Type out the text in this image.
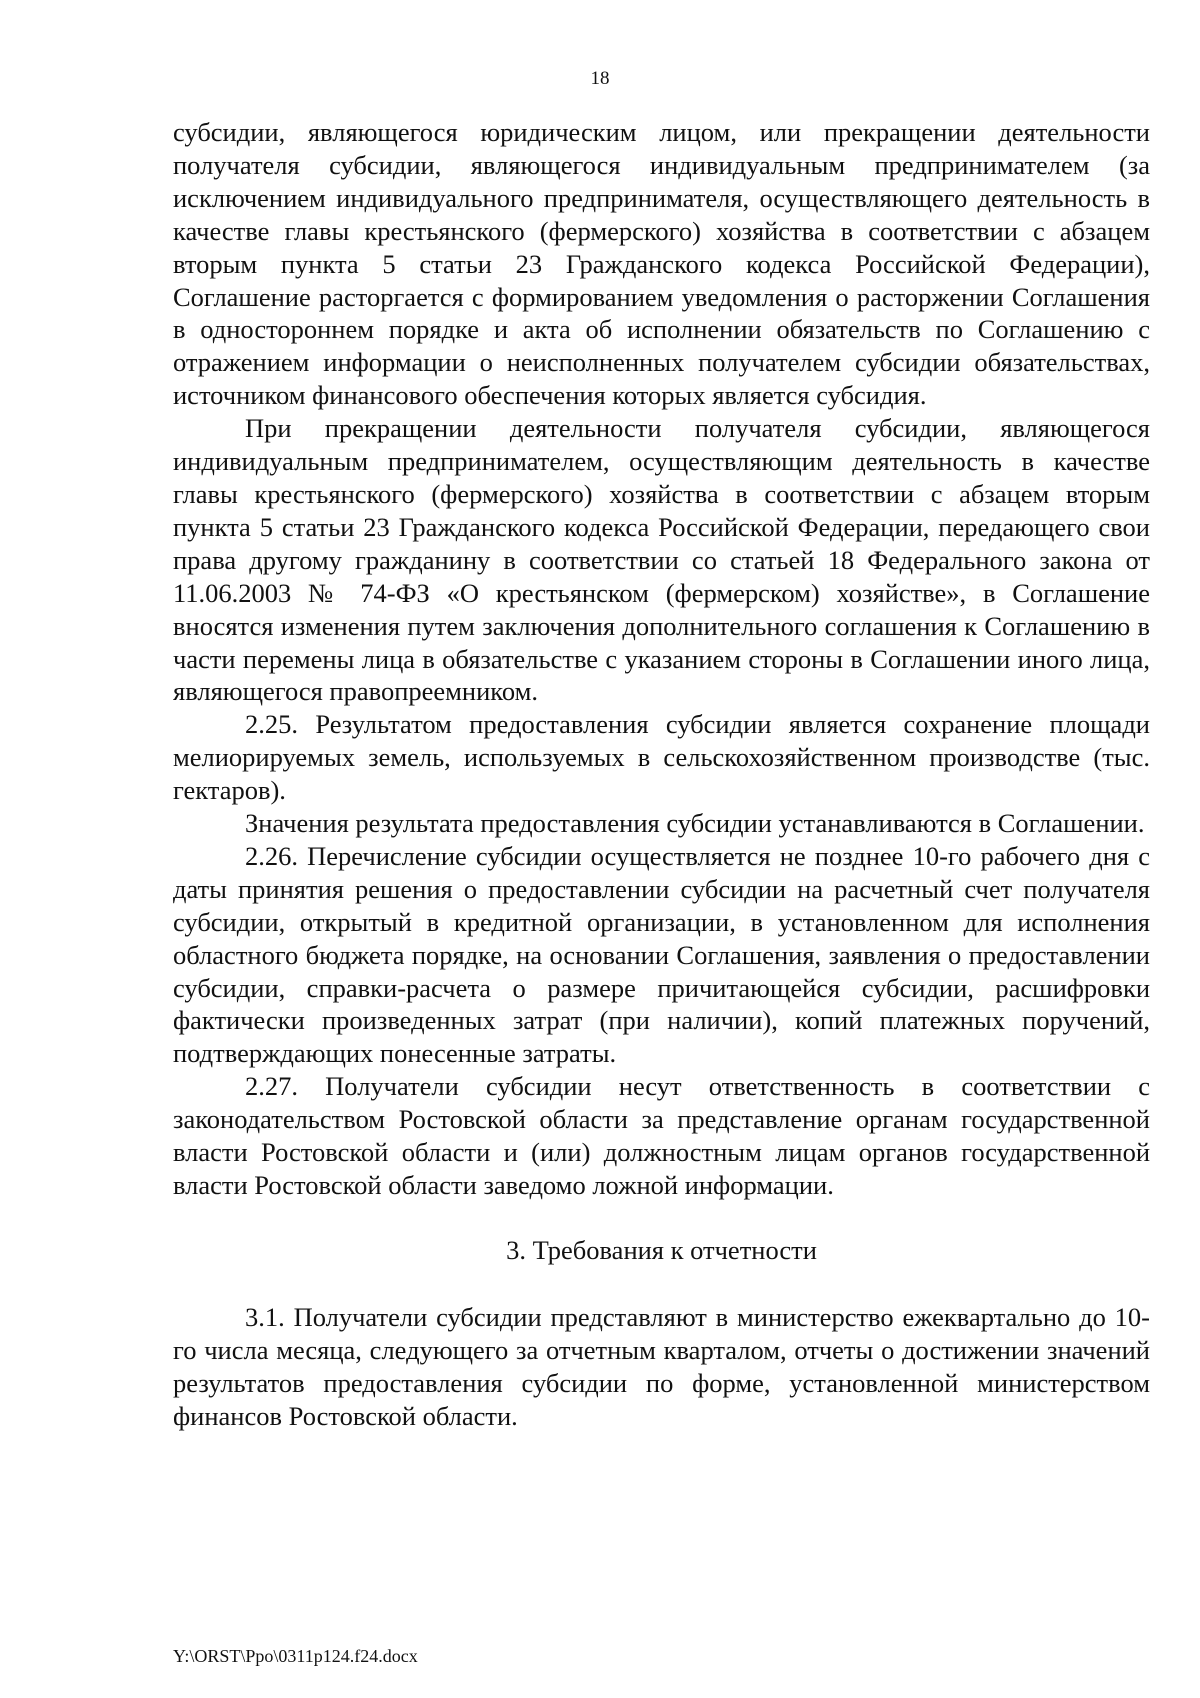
18

субсидии, являющегося юридическим лицом, или прекращении деятельности получателя субсидии, являющегося индивидуальным предпринимателем (за исключением индивидуального предпринимателя, осуществляющего деятельность в качестве главы крестьянского (фермерского) хозяйства в соответствии с абзацем вторым пункта 5 статьи 23 Гражданского кодекса Российской Федерации), Соглашение расторгается с формированием уведомления о расторжении Соглашения в одностороннем порядке и акта об исполнении обязательств по Соглашению с отражением информации о неисполненных получателем субсидии обязательствах, источником финансового обеспечения которых является субсидия.

При прекращении деятельности получателя субсидии, являющегося индивидуальным предпринимателем, осуществляющим деятельность в качестве главы крестьянского (фермерского) хозяйства в соответствии с абзацем вторым пункта 5 статьи 23 Гражданского кодекса Российской Федерации, передающего свои права другому гражданину в соответствии со статьей 18 Федерального закона от 11.06.2003 № 74-ФЗ «О крестьянском (фермерском) хозяйстве», в Соглашение вносятся изменения путем заключения дополнительного соглашения к Соглашению в части перемены лица в обязательстве с указанием стороны в Соглашении иного лица, являющегося правопреемником.

2.25. Результатом предоставления субсидии является сохранение площади мелиорируемых земель, используемых в сельскохозяйственном производстве (тыс. гектаров).

Значения результата предоставления субсидии устанавливаются в Соглашении.

2.26. Перечисление субсидии осуществляется не позднее 10-го рабочего дня с даты принятия решения о предоставлении субсидии на расчетный счет получателя субсидии, открытый в кредитной организации, в установленном для исполнения областного бюджета порядке, на основании Соглашения, заявления о предоставлении субсидии, справки-расчета о размере причитающейся субсидии, расшифровки фактически произведенных затрат (при наличии), копий платежных поручений, подтверждающих понесенные затраты.

2.27. Получатели субсидии несут ответственность в соответствии с законодательством Ростовской области за представление органам государственной власти Ростовской области и (или) должностным лицам органов государственной власти Ростовской области заведомо ложной информации.

3. Требования к отчетности

3.1. Получатели субсидии представляют в министерство ежеквартально до 10-го числа месяца, следующего за отчетным кварталом, отчеты о достижении значений результатов предоставления субсидии по форме, установленной министерством финансов Ростовской области.

Y:\ORST\Ppo\0311p124.f24.docx
